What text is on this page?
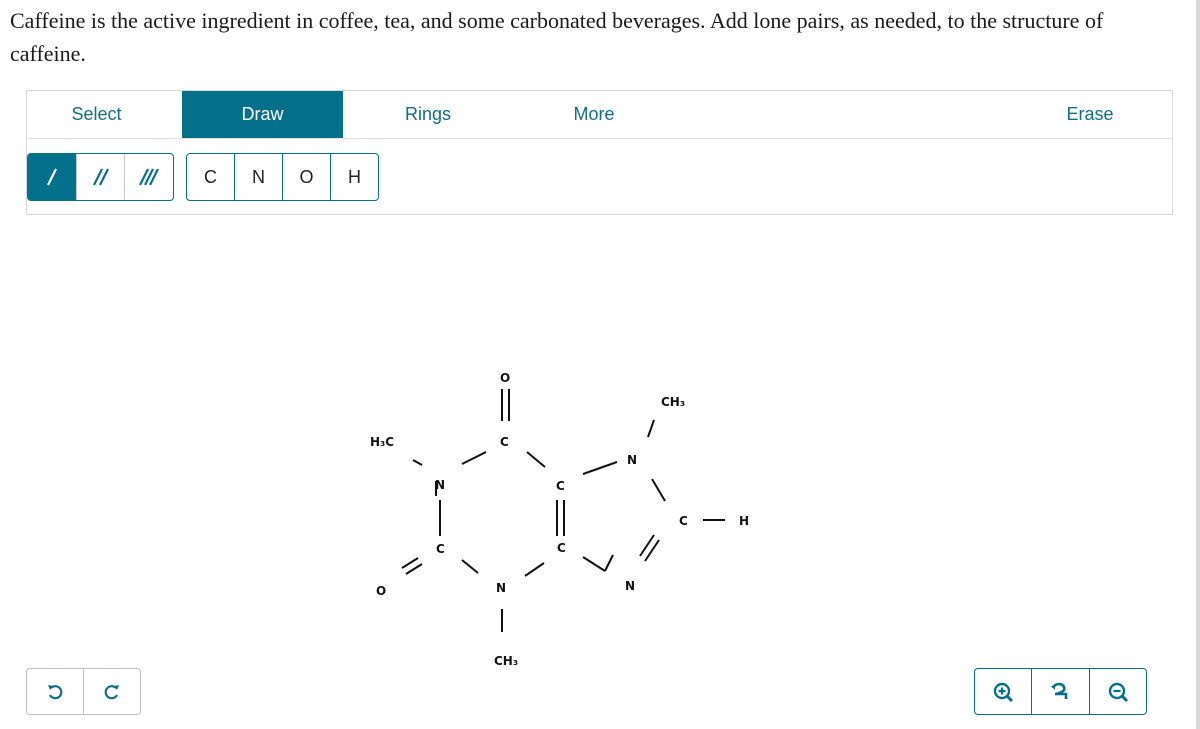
Caffeine is the active ingredient in coffee, tea, and some carbonated beverages. Add lone pairs, as needed, to the structure of caffeine.
Select	Draw	Rings	More	Erase
C	N	O	H
O
C
H₃C
N	C
N
CH₃
C	H
C	C
O	N	N
CH₃
